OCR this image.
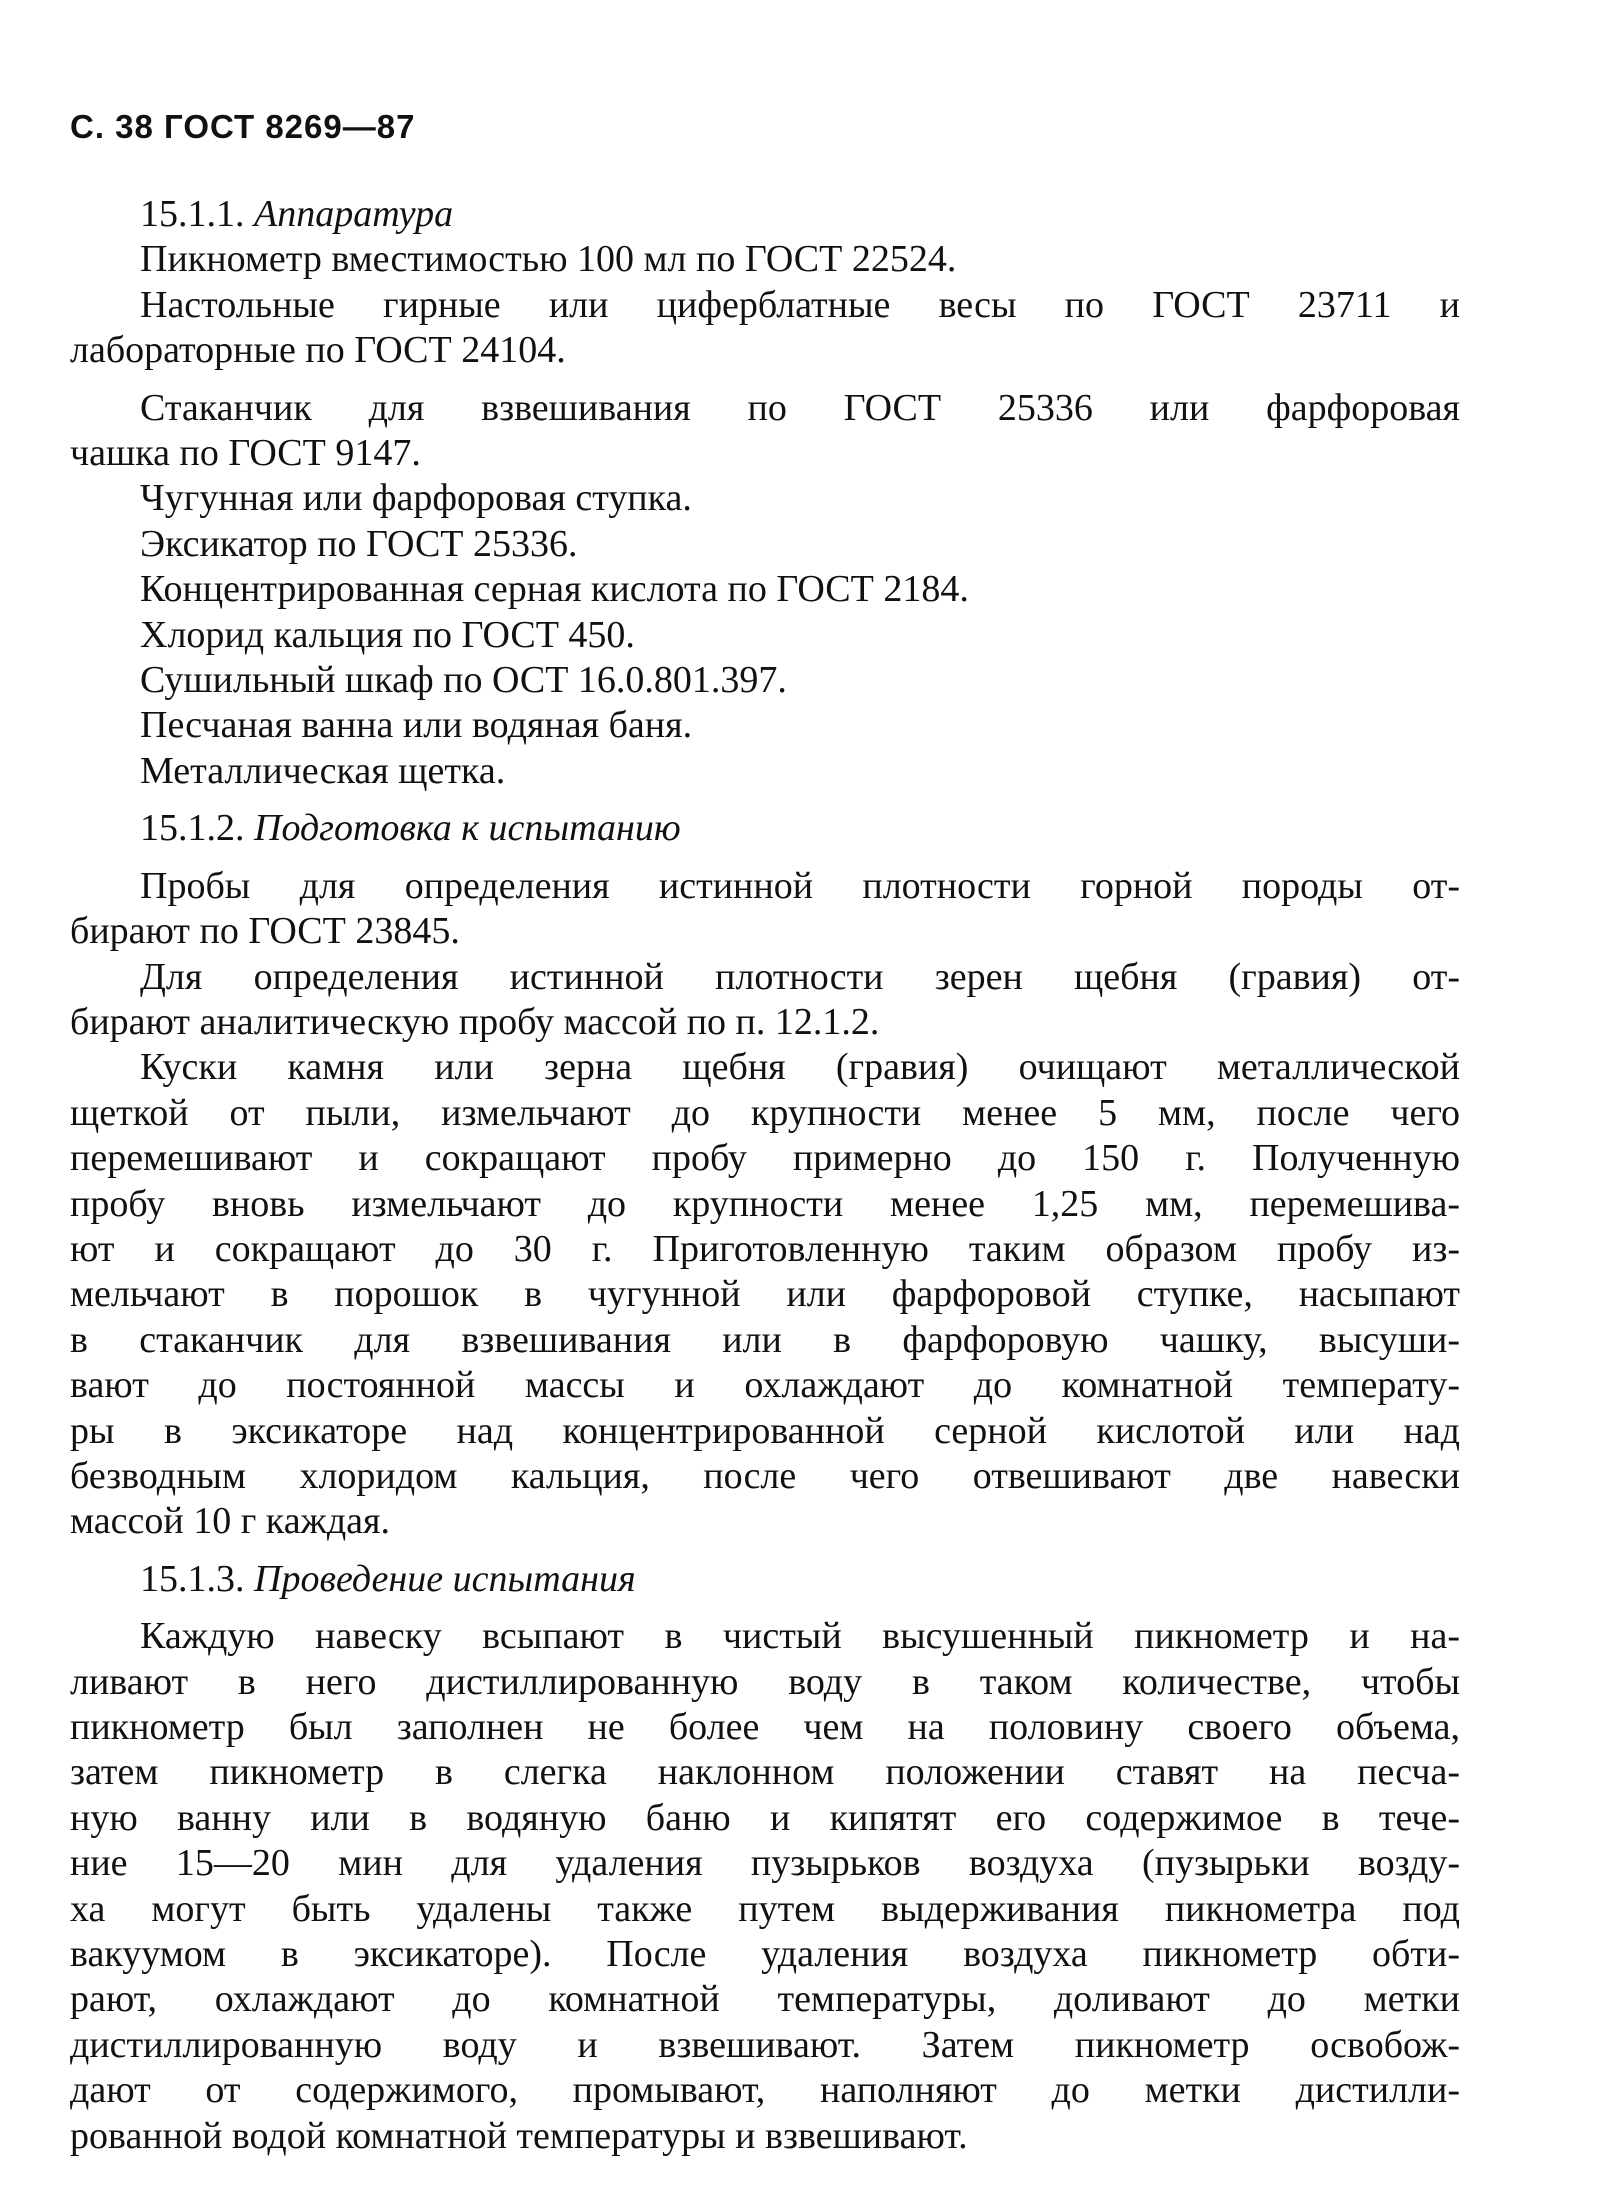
С. 38 ГОСТ 8269—87
15.1.1. Аппаратура
Пикнометр вместимостью 100 мл по ГОСТ 22524.
Настольные гирные или циферблатные весы по ГОСТ 23711 и
лабораторные по ГОСТ 24104.
Стаканчик для взвешивания по ГОСТ 25336 или фарфоровая
чашка по ГОСТ 9147.
Чугунная или фарфоровая ступка.
Эксикатор по ГОСТ 25336.
Концентрированная серная кислота по ГОСТ 2184.
Хлорид кальция по ГОСТ 450.
Сушильный шкаф по ОСТ 16.0.801.397.
Песчаная ванна или водяная баня.
Металлическая щетка.
15.1.2. Подготовка к испытанию
Пробы для определения истинной плотности горной породы от-
бирают по ГОСТ 23845.
Для определения истинной плотности зерен щебня (гравия) от-
бирают аналитическую пробу массой по п. 12.1.2.
Куски камня или зерна щебня (гравия) очищают металлической
щеткой от пыли, измельчают до крупности менее 5 мм, после чего
перемешивают и сокращают пробу примерно до 150 г. Полученную
пробу вновь измельчают до крупности менее 1,25 мм, перемешива-
ют и сокращают до 30 г. Приготовленную таким образом пробу из-
мельчают в порошок в чугунной или фарфоровой ступке, насыпают
в стаканчик для взвешивания или в фарфоровую чашку, высуши-
вают до постоянной массы и охлаждают до комнатной температу-
ры в эксикаторе над концентрированной серной кислотой или над
безводным хлоридом кальция, после чего отвешивают две навески
массой 10 г каждая.
15.1.3. Проведение испытания
Каждую навеску всыпают в чистый высушенный пикнометр и на-
ливают в него дистиллированную воду в таком количестве, чтобы
пикнометр был заполнен не более чем на половину своего объема,
затем пикнометр в слегка наклонном положении ставят на песча-
ную ванну или в водяную баню и кипятят его содержимое в тече-
ние 15—20 мин для удаления пузырьков воздуха (пузырьки возду-
ха могут быть удалены также путем выдерживания пикнометра под
вакуумом в эксикаторе). После удаления воздуха пикнометр обти-
рают, охлаждают до комнатной температуры, доливают до метки
дистиллированную воду и взвешивают. Затем пикнометр освобож-
дают от содержимого, промывают, наполняют до метки дистилли-
рованной водой комнатной температуры и взвешивают.
